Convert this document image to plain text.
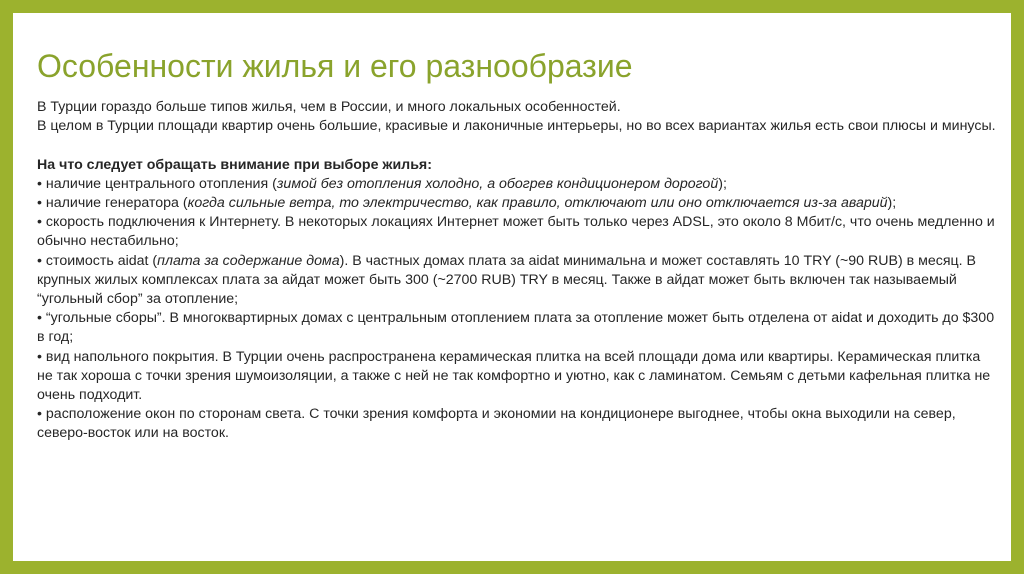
Особенности жилья и его разнообразие

В Турции гораздо больше типов жилья, чем в России, и много локальных особенностей.

В целом в Турции площади квартир очень большие, красивые и лаконичные интерьеры, но во всех вариантах жилья есть свои плюсы и минусы.

На что следует обращать внимание при выборе жилья:

• наличие центрального отопления (зимой без отопления холодно, а обогрев кондиционером дорогой);

• наличие генератора (когда сильные ветра, то электричество, как правило, отключают или оно отключается из-за аварий);

• скорость подключения к Интернету. В некоторых локациях Интернет может быть только через ADSL, это около 8 Мбит/с, что очень медленно и обычно нестабильно;

• стоимость aidat (плата за содержание дома). В частных домах плата за aidat минимальна и может составлять 10 TRY (~90 RUB) в месяц. В крупных жилых комплексах плата за айдат может быть 300 (~2700 RUB) TRY в месяц. Также в айдат может быть включен так называемый “угольный сбор” за отопление;

• “угольные сборы”. В многоквартирных домах с центральным отоплением плата за отопление может быть отделена от aidat и доходить до $300 в год;

• вид напольного покрытия. В Турции очень распространена керамическая плитка на всей площади дома или квартиры. Керамическая плитка не так хороша с точки зрения шумоизоляции, а также с ней не так комфортно и уютно, как с ламинатом. Семьям с детьми кафельная плитка не очень подходит.

• расположение окон по сторонам света. С точки зрения комфорта и экономии на кондиционере выгоднее, чтобы окна выходили на север, северо-восток или на восток.
